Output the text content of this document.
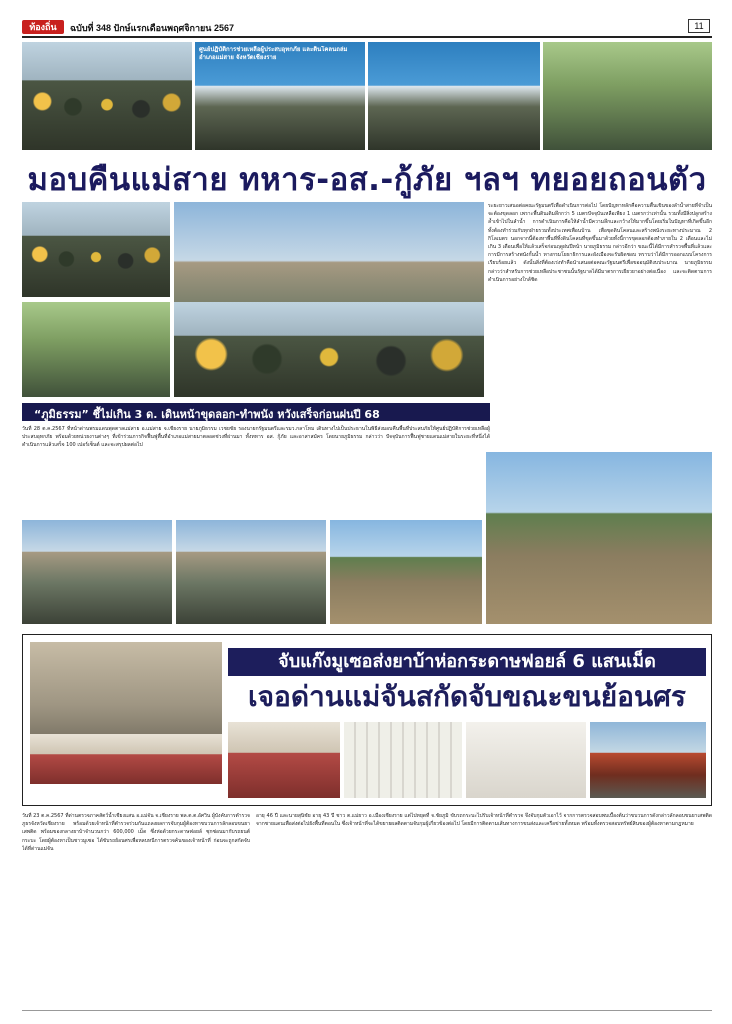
ท้องถิ่น	ฉบับที่ 348 ปักษ์แรกเดือนพฤศจิกายน 2567	11
ศูนย์ปฏิบัติการช่วยเหลือผู้ประสบอุทกภัย และดินโคลนถล่ม อำเภอแม่สาย จังหวัดเชียงราย
มอบคืนแม่สาย ทหาร-อส.-กู้ภัย ฯลฯ ทยอยถอนตัว
ระยะยาวเสนอต่อคณะรัฐมนตรีเพื่อดำเนินการต่อไป โดยปัญหาหลักคือความตื้นเขินของลำน้ำสายที่จำเป็นจะต้องขุดลอก เพราะพื้นดินเดิมลึกกว่า 5 เมตรปัจจุบันเหลือเพียง 1 เมตรกว่าเท่านั้น รวมทั้งมีสิ่งปลูกสร้างล้ำเข้าไปในลำน้ำ การดำเนินการคือให้ลำน้ำมีความลึกและกว้างให้มากขึ้นโดยเริ่มในปัญหาที่เกิดขึ้นอีกทั้งต้องทำร่วมกับทุกฝ่ายรวมทั้งประเทศเพื่อนบ้าน เพื่อขุดดินโคลนและสร้างพนังระยะทางประมาณ 2 กิโลเมตร นอกจากนี้ต้องหาพื้นที่ทิ้งดินโคลนที่ขุดขึ้นมาด้วยทั้งนี้การขุดลอกต้องทำภายใน 2 เดือนและไม่เกิน 3 เดือนเพื่อให้แล้วเสร็จก่อนฤดูฝนปีหน้า นายภูมิธรรม กล่าวอีกว่า ขณะนี้ได้มีการสำรวจพื้นที่แล้วและการมีการสร้างพนังกั้นน้ำ ทางกรมโยธาธิการและผังเมืองจะรับผิดชอบ ทราบว่าได้มีการออกแบบโครงการเรียบร้อยแล้ว ดังนั้นสิ่งที่ต้องเร่งทำคือนำเสนอต่อคณะรัฐมนตรีเพื่อขออนุมัติงบประมาณ นายภูมิธรรม กล่าวว่าสำหรับการช่วยเหลือประชาชนนั้นรัฐบาลได้มีมาตรการเยียวยาอย่างต่อเนื่อง และจะติดตามการดำเนินการอย่างใกล้ชิด
“ภูมิธรรม” ชี้ไม่เกิน 3 ด. เดินหน้าขุดลอก-ทำพนัง หวังเสร็จก่อนฝนปี 68
วันที่ 28 ต.ค.2567 ที่หน้าด่านพรมแดนพุดตาลแม่สาย อ.แม่สาย จ.เชียงราย นายภูมิธรรม เวชยชัย รองนายกรัฐมนตรีและรมว.กลาโหม เดินทางไปเป็นประธานในพิธีส่งมอบคืนพื้นที่ประสบภัยให้ศูนย์ปฏิบัติการช่วยเหลือผู้ประสบอุทกภัย พร้อมด้วยหน่วยงานต่างๆ ที่เข้าร่วมภารกิจฟื้นฟูพื้นที่อำเภอแม่สายมาตลอดช่วงที่ผ่านมา ทั้งทหาร อส. กู้ภัย และอาสาสมัคร โดยนายภูมิธรรม กล่าวว่า ปัจจุบันการฟื้นฟูชายแดนแม่สายในระยะที่หนึ่งได้ดำเนินการแล้วเสร็จ 100 เปอร์เซ็นต์ และจะสรุปผลต่อไป
จับแก๊งมูเซอส่งยาบ้าห่อกระดาษฟอยล์ 6 แสนเม็ด
เจอด่านแม่จันสกัดจับขณะขนย้อนศร
วันที่ 23 ต.ค.2567 ที่ด่านตรวจภาคสัตว์น้ำเชียงแสน อ.แม่จัน จ.เชียงราย พล.ต.ต.อัศวิน ผู้บังคับการตำรวจภูธรจังหวัดเชียงราย พร้อมด้วยเจ้าหน้าที่ตำรวจร่วมกันแถลงผลการจับกุมผู้ต้องหาขบวนการลักลอบขนยาเสพติด พร้อมของกลางยาบ้าจำนวนกว่า 600,000 เม็ด ซึ่งห่อด้วยกระดาษฟอยล์ ซุกซ่อนมากับรถยนต์กระบะ โดยผู้ต้องหาเป็นชาวมูเซอ ได้ขับรถย้อนศรเพื่อหลบหนีการตรวจค้นของเจ้าหน้าที่ ก่อนจะถูกสกัดจับได้ที่ด่านแม่จัน
อายุ 46 ปี และนายสุนิชัย อายุ 43 ปี ชาว ต.แม่ยาว อ.เมืองเชียงราย แต่ไปหยุดที่ จ.ชัยภูมิ ขับรถกระบะไปรับเจ้าหน้าที่ตำรวจ จึงจับกุมตัวเอาไว้ จากการตรวจสอบพบเบื้องต้นว่าขบวนการดังกล่าวลักลอบขนยาเสพติดจากชายแดนเพื่อส่งต่อไปยังพื้นที่ตอนใน ซึ่งเจ้าหน้าที่จะได้ขยายผลติดตามจับกุมผู้เกี่ยวข้องต่อไป โดยมีการติดตามเส้นทางการขนส่งและเครือข่ายทั้งหมด พร้อมทั้งตรวจสอบทรัพย์สินของผู้ต้องหาตามกฎหมาย
